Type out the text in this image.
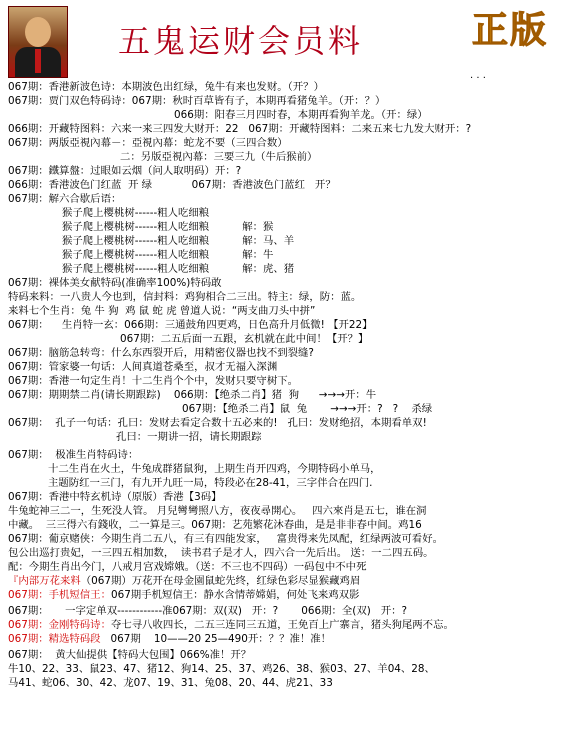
五鬼运财会员料	正版
. . .
067期：香港新波色诗：本期波色出红绿，兔牛有来也发财。（开？）
067期：贾门双色特码诗：067期：秋时百草皆有子，本期再看猪兔羊。（开：？）
066期：阳春三月四时春，本期再看狗羊龙。（开：绿）
066期：开藏特图料：六来一来三四发大财开：22   067期：开藏特图料：二来五来七九发大财开：?
067期：两版亞視內幕－：亞視內幕：蛇龙不要（三四合数）
二：另版亞視內幕：三要三九（牛后猴前）
067期：鐵算盤：过眼如云烟（问人取明码）开：?
066期：香港波色门红蓝  开 绿            067期：香港波色门蓝红   开？
067期：解六合歇后语：
猴子爬上樱桃树------粗人吃细粮
猴子爬上樱桃树------粗人吃细粮          解：猴
猴子爬上樱桃树------粗人吃细粮          解：马、羊
猴子爬上樱桃树------粗人吃细粮          解：牛
猴子爬上樱桃树------粗人吃细粮          解：虎、猪
067期：裸体美女献特码(准确率100%)特码敢
特码来料：一八贵人今也到，信封料：鸡狗相合二三出。特主：绿，防：蓝。
来料七个生肖：兔 牛 狗  鸡 鼠 蛇 虎 曾道人说：“两支曲刀头中拼”
067期：    生肖特一玄：066期：三通鼓角四更鸡，日色高升月低微! 【开22】
067期：二五后面一五跟，玄机就在此中间！【开？】
067期：脑筋急转弯：什么东西裂开后，用精密仪器也找不到裂缝?
067期：管家婆一句话：人间真道苍桑至，叔才无福入深渊
067期：香港一句定生肖！十二生肖个个中，发财只要守树下。
067期：期期禁二肖(请长期跟踪)    066期：【绝杀二肖】猪  狗      →→→开：牛
067期：【绝杀二肖】鼠  兔       →→→开：?   ?    杀绿
067期：  孔子一句话：孔曰：发财去看定合数十五必来的!   孔曰：发财绝招，本期看单双!
孔曰：一期讲一招，请长期跟踪
067期：  极准生肖特码诗：
十二生肖在火土，牛兔成群猪鼠狗，上期生肖开四鸡，今期特码小单马，
主题防红一三门，有九开九旺一局，特段必在28-41，三字伴合在四门.
067期：香港中特玄机诗（原版）香港【3码】
牛兔蛇神三二一，生死没人管。 月兒彎彎照八方，夜夜尋開心。   四六來肖是五七，谁在洞
中藏。  三三得六有錢收，二一算是三。067期：艺苑繁花沐春曲，是是非非春中间。鸡16
067期：葡京赌侠：今期生肖二五八，有三有四能发家，   富贵得来先凤配，红绿两波可看好。
包公出巡打贵妃，一三四五相加数，  读书君子是才人，四六合一先后出。 送：一二四五码。
配：今期生肖出今门，八戒月宫戏嫦娥。（送：不三也不四码）一码包中不中死
『内部万花来料（067期）万花开在母金園鼠蛇先终，红绿色彩尽显猴藏鸡眉
067期：手机短信王：067期手机短信王：静水含情蒂嫦娟，何处飞来鸡双影
067期：     一字定单双------------准067期：双(双)   开：?       066期：全(双)   开：?
067期：金刚特码诗：夺七寻八收四长，二五三连同三五道，王免百上广寨言，猪头狗尾两不忘。
067期：精选特码段   067期    10——20 25—490开：？？准！准！
067期：  黄大仙提供【特码大包围】066%准！开？
牛10、22、33、鼠23、47、猪12、狗14、25、37、鸡26、38、猴03、27、羊04、28、
马41、蛇06、30、42、龙07、19、31、兔08、20、44、虎21、33
